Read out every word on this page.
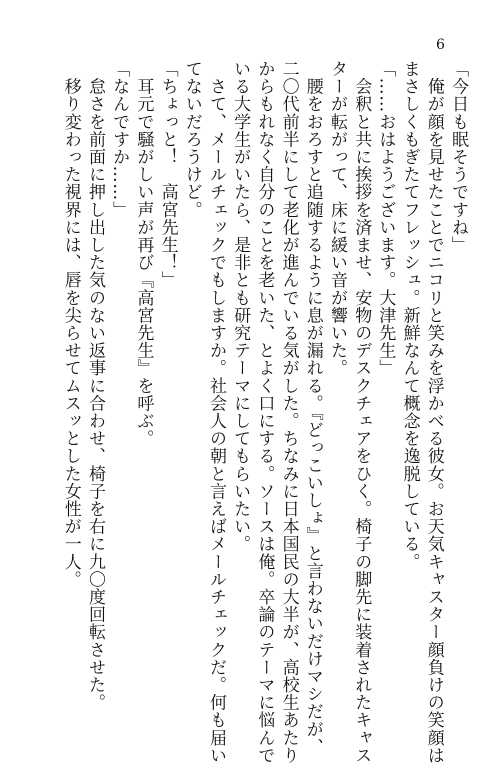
6
「今日も眠そうですね」
　俺が顔を見せたことでニコリと笑みを浮かべる彼女。お天気キャスター顔負けの笑顔は
まさしくもぎたてフレッシュ。新鮮なんて概念を逸脱している。
「……おはようございます。大津先生」
　会釈と共に挨拶を済ませ、安物のデスクチェアをひく。椅子の脚先に装着されたキャス
ターが転がって、床に緩い音が響いた。
　腰をおろすと追随するように息が漏れる。『どっこいしょ』と言わないだけマシだが、
二〇代前半にして老化が進んでいる気がした。ちなみに日本国民の大半が、高校生あたり
からもれなく自分のことを老いた、とよく口にする。ソースは俺。卒論のテーマに悩んで
いる大学生がいたら、是非とも研究テーマにしてもらいたい。
　さて、メールチェックでもしますか。社会人の朝と言えばメールチェックだ。何も届い
てないだろうけど。
「ちょっと！　高宮先生！」
　耳元で騒がしい声が再び『高宮先生』を呼ぶ。
「なんですか……」
　怠さを前面に押し出した気のない返事に合わせ、椅子を右に九〇度回転させた。
　移り変わった視界には、唇を尖らせてムスッとした女性が一人。
